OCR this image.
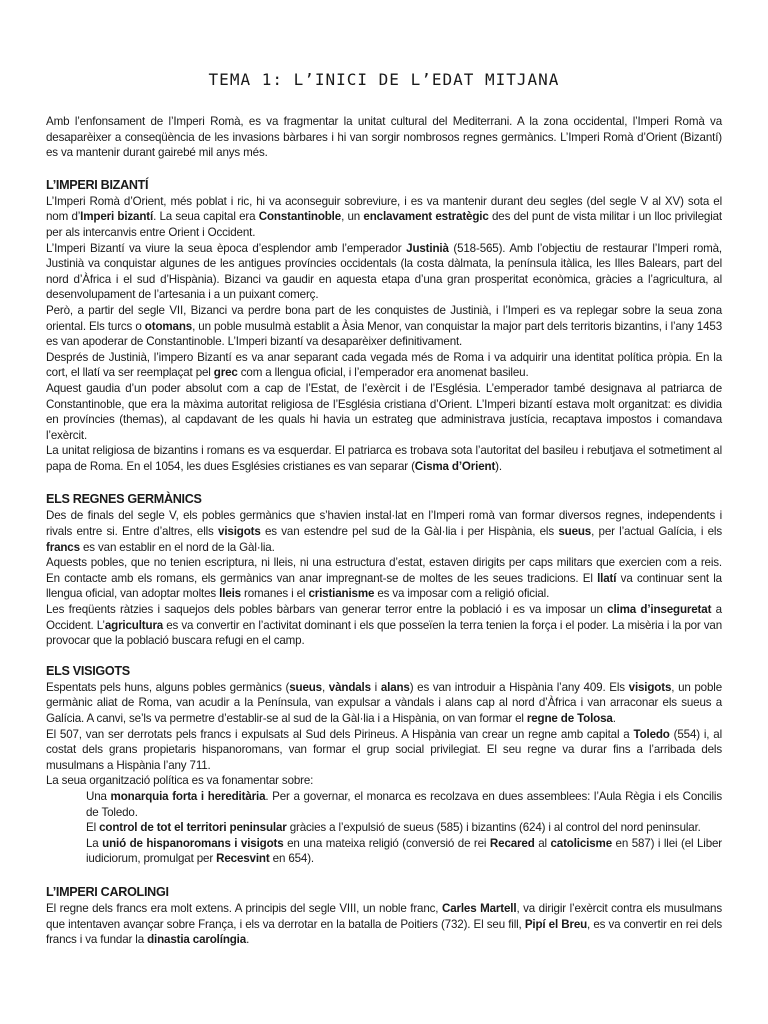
TEMA 1: L’INICI DE L’EDAT MITJANA

Amb l’enfonsament de l’Imperi Romà, es va fragmentar la unitat cultural del Mediterrani. A la zona occidental, l’Imperi Romà va desaparèixer a conseqüència de les invasions bàrbares i hi van sorgir nombrosos regnes germànics. L’Imperi Romà d’Orient (Bizantí) es va mantenir durant gairebé mil anys més.

L’IMPERI BIZANTÍ

L’Imperi Romà d’Orient, més poblat i ric, hi va aconseguir sobreviure, i es va mantenir durant deu segles (del segle V al XV) sota el nom d’Imperi bizantí. La seua capital era Constantinoble, un enclavament estratègic des del punt de vista militar i un lloc privilegiat per als intercanvis entre Orient i Occident.

L’Imperi Bizantí va viure la seua època d’esplendor amb l’emperador Justinià (518-565). Amb l’objectiu de restaurar l’Imperi romà, Justinià va conquistar algunes de les antigues províncies occidentals (la costa dàlmata, la península itàlica, les Illes Balears, part del nord d’Àfrica i el sud d’Hispània). Bizanci va gaudir en aquesta etapa d’una gran prosperitat econòmica, gràcies a l’agricultura, al desenvolupament de l’artesania i a un puixant comerç.

Però, a partir del segle VII, Bizanci va perdre bona part de les conquistes de Justinià, i l’Imperi es va replegar sobre la seua zona oriental. Els turcs o otomans, un poble musulmà establit a Àsia Menor, van conquistar la major part dels territoris bizantins, i l’any 1453 es van apoderar de Constantinoble. L’Imperi bizantí va desaparèixer definitivament.

Després de Justinià, l’impero Bizantí es va anar separant cada vegada més de Roma i va adquirir una identitat política pròpia. En la cort, el llatí va ser reemplaçat pel grec com a llengua oficial, i l’emperador era anomenat basileu.

Aquest gaudia d’un poder absolut com a cap de l’Estat, de l’exèrcit i de l’Església. L’emperador també designava al patriarca de Constantinoble, que era la màxima autoritat religiosa de l’Església cristiana d’Orient. L’Imperi bizantí estava molt organitzat: es dividia en províncies (themas), al capdavant de les quals hi havia un estrateg que administrava justícia, recaptava impostos i comandava l’exèrcit.

La unitat religiosa de bizantins i romans es va esquerdar. El patriarca es trobava sota l’autoritat del basileu i rebutjava el sotmetiment al papa de Roma. En el 1054, les dues Esglésies cristianes es van separar (Cisma d’Orient).

ELS REGNES GERMÀNICS

Des de finals del segle V, els pobles germànics que s’havien instal·lat en l’Imperi romà van formar diversos regnes, independents i rivals entre si. Entre d’altres, ells visigots es van estendre pel sud de la Gàl·lia i per Hispània, els sueus, per l’actual Galícia, i els francs es van establir en el nord de la Gàl·lia.

Aquests pobles, que no tenien escriptura, ni lleis, ni una estructura d’estat, estaven dirigits per caps militars que exercien com a reis. En contacte amb els romans, els germànics van anar impregnant-se de moltes de les seues tradicions. El llatí va continuar sent la llengua oficial, van adoptar moltes lleis romanes i el cristianisme es va imposar com a religió oficial.

Les freqüents ràtzies i saquejos dels pobles bàrbars van generar terror entre la població i es va imposar un clima d’inseguretat a Occident. L’agricultura es va convertir en l’activitat dominant i els que posseïen la terra tenien la força i el poder. La misèria i la por van provocar que la població buscara refugi en el camp.

ELS VISIGOTS

Espentats pels huns, alguns pobles germànics (sueus, vàndals i alans) es van introduir a Hispània l’any 409. Els visigots, un poble germànic aliat de Roma, van acudir a la Península, van expulsar a vàndals i alans cap al nord d’Àfrica i van arraconar els sueus a Galícia. A canvi, se’ls va permetre d’establir-se al sud de la Gàl·lia i a Hispània, on van formar el regne de Tolosa.

El 507, van ser derrotats pels francs i expulsats al Sud dels Pirineus. A Hispània van crear un regne amb capital a Toledo (554) i, al costat dels grans propietaris hispanoromans, van formar el grup social privilegiat. El seu regne va durar fins a l’arribada dels musulmans a Hispània l’any 711.

La seua organització política es va fonamentar sobre:

Una monarquia forta i hereditària. Per a governar, el monarca es recolzava en dues assemblees: l’Aula Règia i els Concilis de Toledo.

El control de tot el territori peninsular gràcies a l’expulsió de sueus (585) i bizantins (624) i al control del nord peninsular.

La unió de hispanoromans i visigots en una mateixa religió (conversió de rei Recared al catolicisme en 587) i llei (el Liber iudiciorum, promulgat per Recesvint en 654).

L’IMPERI CAROLINGI

El regne dels francs era molt extens. A principis del segle VIII, un noble franc, Carles Martell, va dirigir l’exèrcit contra els musulmans que intentaven avançar sobre França, i els va derrotar en la batalla de Poitiers (732). El seu fill, Pipí el Breu, es va convertir en rei dels francs i va fundar la dinastia carolíngia.
